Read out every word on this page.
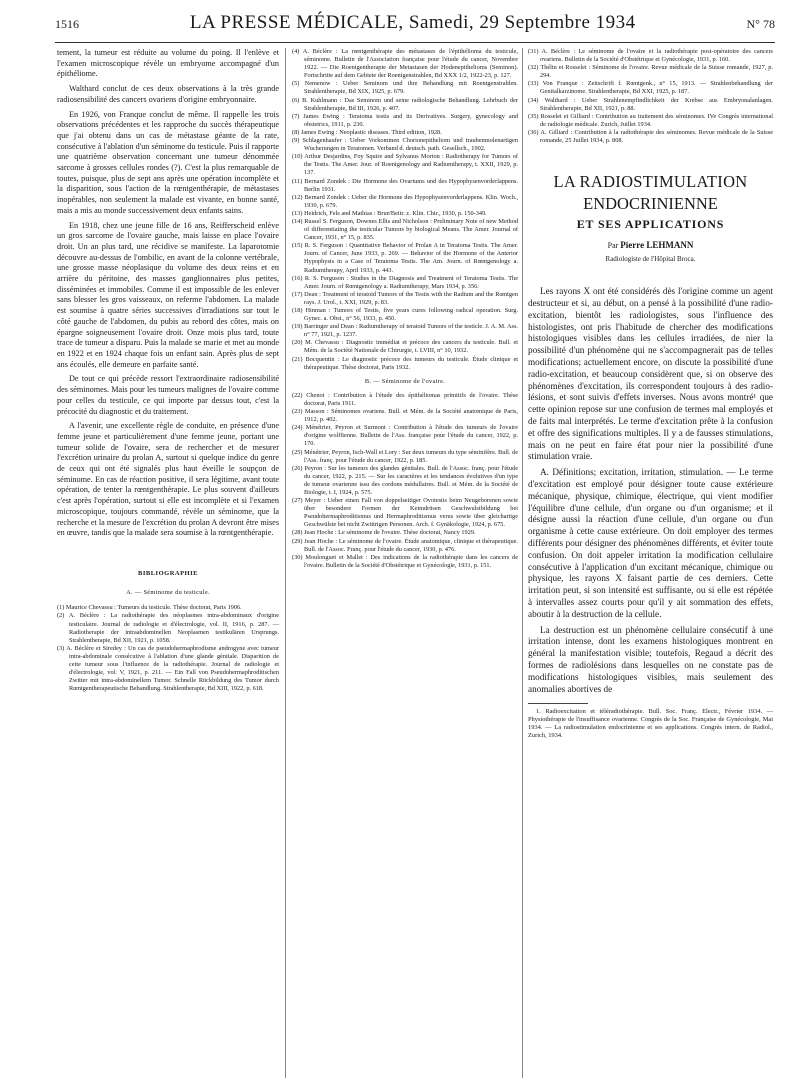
1516	LA PRESSE MÉDICALE, Samedi, 29 Septembre 1934	N° 78

tement, la tumeur est réduite au volume du poing. Il l'enlève et l'examen microscopique révèle un embryome accompagné d'un épithéliome.

Walthard conclut de ces deux observations à la très grande radiosensibilité des cancers ovariens d'origine embryonnaire.

En 1926, von Franque conclut de même. Il rappelle les trois observations précédentes et les rapproche du succès thérapeutique que j'ai obtenu dans un cas de métastase géante de la rate, consécutive à l'ablation d'un séminome du testicule. Puis il rapporte une quatrième observation concernant une tumeur dénommée sarcome à grosses cellules rondes (?). C'est la plus remarquable de toutes, puisque, plus de sept ans après une opération incomplète et la disparition, sous l'action de la rœntgenthérapie, de métastases inopérables, non seulement la malade est vivante, en bonne santé, mais a mis au monde successivement deux enfants sains.

En 1918, chez une jeune fille de 16 ans, Reifferscheid enlève un gros sarcome de l'ovaire gauche, mais laisse en place l'ovaire droit. Un an plus tard, une récidive se manifeste. La laparotomie découvre au-dessus de l'ombilic, en avant de la colonne vertébrale, une grosse masse néoplasique du volume des deux reins et en arrière du péritoine, des masses ganglionnaires plus petites, disséminées et immobiles. Comme il est impossible de les enlever sans blesser les gros vaisseaux, on referme l'abdomen. La malade est soumise à quatre séries successives d'irradiations sur tout le côté gauche de l'abdomen, du pubis au rebord des côtes, mais on épargne soigneusement l'ovaire droit. Onze mois plus tard, toute trace de tumeur a disparu. Puis la malade se marie et met au monde en 1922 et en 1924 chaque fois un enfant sain. Après plus de sept ans écoulés, elle demeure en parfaite santé.

De tout ce qui précède ressort l'extraordinaire radiosensibilité des séminomes. Mais pour les tumeurs malignes de l'ovaire comme pour celles du testicule, ce qui importe par dessus tout, c'est la précocité du diagnostic et du traitement.

A l'avenir, une excellente règle de conduite, en présence d'une femme jeune et particulièrement d'une femme jeune, portant une tumeur solide de l'ovaire, sera de rechercher et de mesurer l'excrétion urinaire du prolan A, surtout si quelque indice du genre de ceux qui ont été signalés plus haut éveille le soupçon de séminome. En cas de réaction positive, il sera légitime, avant toute opération, de tenter la rœntgenthérapie. Le plus souvent d'ailleurs c'est après l'opération, surtout si elle est incomplète et si l'examen microscopique, toujours commandé, révèle un séminome, que la recherche et la mesure de l'excrétion du prolan A devront être mises en œuvre, tandis que la malade sera soumise à la rœntgenthérapie.

BIBLIOGRAPHIE
A. — Séminome du testicule.

(1) Maurice Chevassu : Tumeurs du testicule. Thèse doctorat, Paris 1906.

(2) A. Béclère : La radiothérapie des néoplasmes intra-abdominaux d'origine testiculaire. Journal de radiologie et d'électrologie, vol. II, 1916, p. 287. — Radiotherapie der intraabdominellen Neoplasmen testikulären Ursprungs. Strahlentherapie, Bd XII, 1921, p. 1058.

(3) A. Béclère et Siredey : Un cas de pseudohermaphrodisme androgyne avec tumeur intra-abdominale consécutive à l'ablation d'une glande génitale. Disparition de cette tumeur sous l'influence de la radiothérapie. Journal de radiologie et d'électrologie, vol. V, 1921, p. 211. — Ein Fall von Pseudohermaphroditischen Zwitter mit intra-abdominellem Tumor. Schnelle Rückbildung des Tumor durch Rœntgentherapeutische Behandlung. Strahlentherapie, Bd XIII, 1922, p. 618.

(4) A. Béclère : La rœntgenthérapie des métastases de l'épithélioma du testicule, séminome. Bulletin de l'Association française pour l'étude du cancer, Novembre 1922. — Die Roentgentherapie der Metastasen der Hodenepithelioms (Seminon). Fortschritte auf dem Gebiete der Roentgenstrahlen, Bd XXX 1/2, 1922-23, p. 127.

(5) Nemenow : Ueber Seminom und ihre Behandlung mit Roentgenstrahlen. Strahlentherapie, Bd XIX, 1925, p. 679.

(6) B. Kuhlmann : Das Seminom und seine radiologische Behandlung. Lehrbuch der Strahlentherapie, Bd III, 1926, p. 407.

(7) James Ewing : Teratoma testis and its Derivatives. Surgery, gynecology and obstetrics, 1911, p. 230.

(8) James Ewing : Neoplastic diseases. Third edition, 1928.

(9) Schlagenhaufer : Ueber Vorkommen Chorionepitheliom und traubenmolenartigen Wucherungen in Teratomen. Verband d. deutsch. path. Gesellsch., 1902.

(10) Arthur Desjardins, Foy Squire and Sylvanus Morton : Radiotherapy for Tumors of the Testis. The Amer. Jour. of Roentgenology and Radiumtherapy, t. XXII, 1929, p. 137.

(11) Bernard Zondek : Die Hormone des Ovariums und des Hypophysenvorderlappens. Berlin 1931.

(12) Bernard Zondek : Ueber die Hormone des Hypophysenvorderlappens. Klin. Woch., 1930, p. 679.

(13) Heidrich, Fels and Mathias : Brun'Beitr. z. Klin. Chir., 1930, p. 150-349.

(14) Russel S. Ferguson, Downes Ellis and Nicholson : Preliminary Note of new Method of differentiating the testicular Tumors by biological Means. The Amer. Journal of Cancer, 1931, n° 15, p. 835.

(15) R. S. Ferguson : Quantitative Behavior of Prolan A in Teratoma Testis. The Amer. Journ. of Cancer, June 1933, p. 269. — Behavior of the Hormone of the Anterior Hypophysis in a Case of Teratoma Testis. The Am. Journ. of Rœntgenology a. Radiumtherapy, April 1933, p. 443.

(16) R. S. Ferguson : Studies in the Diagnosis and Treatment of Teratoma Testis. The Amer. Journ. of Rœntgenology a. Radiumtherapy, Mars 1934, p. 356.

(17) Dean : Treatment of teratoid Tumors of the Testis with the Radium and the Rœntgen rays. J. Urol., t. XXI, 1929, p. 83.

(18) Hinman : Tumors of Testis, five years cures following radical operation. Surg. Gynec. a. Obst., n° 56, 1933, p. 450.

(19) Barringer and Dean : Radiumtherapy of teratoid Tumors of the testicle. J. A. M. Ass. n° 77, 1921, p. 1237.

(20) M. Chevassu : Diagnostic immédiat et précoce des cancers du testicule. Bull. et Mém. de la Société Nationale de Chirurgie, t. LVIII, n° 10, 1932.

(21) Bocquentin : Le diagnostic précoce des tumeurs du testicule. Étude clinique et thérapeutique. Thèse doctorat, Paris 1932.

B. — Séminome de l'ovaire.

(22) Chenot : Contribution à l'étude des épithéliomas primitifs de l'ovaire. Thèse doctorat, Paris 1911.

(23) Masson : Séminomes ovariens. Bull. et Mém. de la Société anatomique de Paris, 1912, p. 402.

(24) Ménétrier, Peyron et Surmont : Contribution à l'étude des tumeurs de l'ovaire d'origine wolffienne. Bulletin de l'Ass. française pour l'étude du cancer, 1922, p. 170.

(25) Ménétrier, Peyron, Isch-Wall et Lory : Sur deux tumeurs du type séminifère. Bull. de l'Ass. franç. pour l'étude du cancer, 1922, p. 185.

(26) Peyron : Sur les tumeurs des glandes génitales. Bull. de l'Assoc. franç. pour l'étude du cancer, 1922, p. 215. — Sur les caractères et les tendances évolutives d'un type de tumeur ovarienne issu des cordons médullaires. Bull. et Mém. de la Société de Biologie, t. I, 1924, p. 575.

(27) Meyer : Ueber einen Fall von doppelseitiger Ovotestis beim Neugeborenen sowie über besondere Formen der Keimdrüsen Geschwulstbildung bei Pseudohermaphroditismus und Hermaphroditismus verus sowie über gleichartige Geschwülste bei nicht Zwittrigen Personen. Arch. f. Gynäkologie, 1924, p. 675.

(28) Jean Hoche : Le séminome de l'ovaire. Thèse doctorat, Nancy 1929.

(29) Jean Hoche : Le séminome de l'ovaire. Étude anatomique, clinique et thérapeutique. Bull. de l'Assoc. Franç. pour l'étude du cancer, 1930, p. 476.

(30) Moulonguet et Mallet : Des indications de la radiothérapie dans les cancers de l'ovaire. Bulletin de la Société d'Obstétrique et Gynécologie, 1931, p. 151.

(31) A. Béclère : Le séminome de l'ovaire et la radiothérapie post-opératoire des cancers ovariens. Bulletin de la Société d'Obstétrique et Gynécologie, 1931, p. 160.

(32) Thélin et Rosselet : Séminome de l'ovaire. Revue médicale de la Suisse romande, 1927, p. 294.

(33) Von Franque : Zeitschrift f. Rœntgenk., n° 15, 1913. — Strahlenbehandlung der Genitalkarzinome. Strahlentherapie, Bd XXI, 1925, p. 187.

(34) Walthard : Ueber Strahlenempfindlichkeit der Krebse aus Embryonalanlagen. Strahlentherapie, Bd XII, 1921, p. 88.

(35) Rosselet et Gilliard : Contribution au traitement des séminomes. IVe Congrès international de radiologie médicale. Zurich, Juillet 1934.

(36) A. Gilliard : Contribution à la radiothérapie des séminomes. Revue médicale de la Suisse romande, 25 Juillet 1934, p. 808.

LA RADIOSTIMULATION
ENDOCRINIENNE
ET SES APPLICATIONS
Par Pierre LEHMANN
Radiologiste de l'Hôpital Broca.

Les rayons X ont été considérés dès l'origine comme un agent destructeur et si, au début, on a pensé à la possibilité d'une radio-excitation, bientôt les radiologistes, sous l'influence des histologistes, ont pris l'habitude de chercher des modifications histologiques visibles dans les cellules irradiées, de nier la possibilité d'un phénomène qui ne s'accompagnerait pas de telles modifications; actuellement encore, on discute la possibilité d'une radio-excitation, et beaucoup considèrent que, si on observe des phénomènes d'excitation, ils correspondent toujours à des radio-lésions, et sont suivis d'effets inverses. Nous avons montré¹ que cette opinion repose sur une confusion de termes mal employés et de faits mal interprétés. Le terme d'excitation prête à la confusion et offre des significations multiples. Il y a de fausses stimulations, mais on ne peut en faire état pour nier la possibilité d'une stimulation vraie.

A. Définitions; excitation, irritation, stimulation. — Le terme d'excitation est employé pour désigner toute cause extérieure mécanique, physique, chimique, électrique, qui vient modifier l'équilibre d'une cellule, d'un organe ou d'un organisme; et il désigne aussi la réaction d'une cellule, d'un organe ou d'un organisme à cette cause extérieure. On doit employer des termes différents pour désigner des phénomènes différents, et éviter toute confusion. On doit appeler irritation la modification cellulaire consécutive à l'application d'un excitant mécanique, chimique ou physique, les rayons X faisant partie de ces derniers. Cette irritation peut, si son intensité est suffisante, ou si elle est répétée à intervalles assez courts pour qu'il y ait sommation des effets, aboutir à la destruction de la cellule.

La destruction est un phénomène cellulaire consécutif à une irritation intense, dont les examens histologiques montrent en général la manifestation visible; toutefois, Regaud a décrit des formes de radiolésions dans lesquelles on ne constate pas de modifications histologiques visibles, mais seulement des anomalies abortives de

1. Radioexcitation et téléradiothérapie. Bull. Soc. Franç. Electr., Février 1934. — Physiothérapie de l'insuffisance ovarienne. Congrès de la Soc. Française de Gynécologie, Mai 1934. — La radiostimulation endocrinienne et ses applications. Congrès intern. de Radiol., Zurich, 1934.
